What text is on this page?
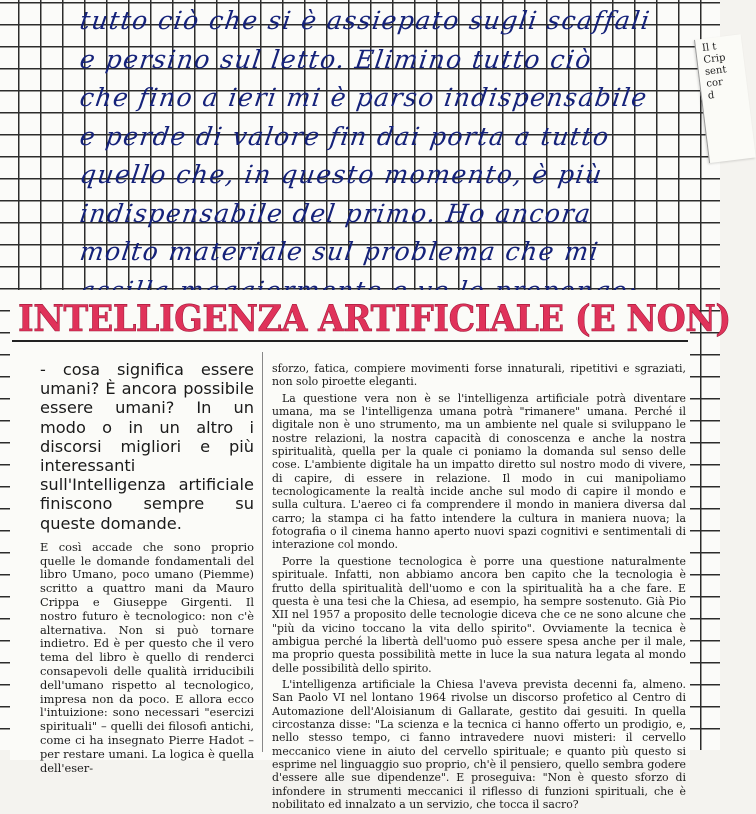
tutto ciò che si è assiepato sugli scaffali
e persino sul letto. Elimino tutto ciò
che fino a ieri mi è parso indispensabile
e perde di valore fin dai porta a tutto
quello che, in questo momento, è più
indispensabile del primo. Ho ancora
molto materiale sul problema che mi
Il t
Crip
sent
cor
d
INTELLIGENZA ARTIFICIALE (E NON)

- cosa significa essere umani? È ancora possibile essere umani? In un modo o in un altro i discorsi migliori e più interessanti sull'Intelligenza artificiale finiscono sempre su queste domande.

E così accade che sono proprio quelle le domande fondamentali del libro Umano, poco umano (Piemme) scritto a quattro mani da Mauro Crippa e Giuseppe Girgenti. Il nostro futuro è tecnologico: non c'è alternativa. Non si può tornare indietro. Ed è per questo che il vero tema del libro è quello di renderci consapevoli delle qualità irriducibili dell'umano rispetto al tecnologico, impresa non da poco. E allora ecco l'intuizione: sono necessari "esercizi spirituali" – quelli dei filosofi antichi, come ci ha insegnato Pierre Hadot – per restare umani. La logica è quella dell'eser-

sforzo, fatica, compiere movimenti forse innaturali, ripetitivi e sgraziati, non solo piroette eleganti.

La questione vera non è se l'intelligenza artificiale potrà diventare umana, ma se l'intelligenza umana potrà "rimanere" umana. Perché il digitale non è uno strumento, ma un ambiente nel quale si sviluppano le nostre relazioni, la nostra capacità di conoscenza e anche la nostra spiritualità, quella per la quale ci poniamo la domanda sul senso delle cose. L'ambiente digitale ha un impatto diretto sul nostro modo di vivere, di capire, di essere in relazione. Il modo in cui manipoliamo tecnologicamente la realtà incide anche sul modo di capire il mondo e sulla cultura. L'aereo ci fa comprendere il mondo in maniera diversa dal carro; la stampa ci ha fatto intendere la cultura in maniera nuova; la fotografia o il cinema hanno aperto nuovi spazi cognitivi e sentimentali di interazione col mondo.

Porre la questione tecnologica è porre una questione naturalmente spirituale. Infatti, non abbiamo ancora ben capito che la tecnologia è frutto della spiritualità dell'uomo e con la spiritualità ha a che fare. E questa è una tesi che la Chiesa, ad esempio, ha sempre sostenuto. Già Pio XII nel 1957 a proposito delle tecnologie diceva che ce ne sono alcune che "più da vicino toccano la vita dello spirito". Ovviamente la tecnica è ambigua perché la libertà dell'uomo può essere spesa anche per il male, ma proprio questa possibilità mette in luce la sua natura legata al mondo delle possibilità dello spirito.

L'intelligenza artificiale la Chiesa l'aveva prevista decenni fa, almeno. San Paolo VI nel lontano 1964 rivolse un discorso profetico al Centro di Automazione dell'Aloisianum di Gallarate, gestito dai gesuiti. In quella circostanza disse: "La scienza e la tecnica ci hanno offerto un prodigio, e, nello stesso tempo, ci fanno intravedere nuovi misteri: il cervello meccanico viene in aiuto del cervello spirituale; e quanto più questo si esprime nel linguaggio suo proprio, ch'è il pensiero, quello sembra godere d'essere alle sue dipendenze". E proseguiva: "Non è questo sforzo di infondere in strumenti meccanici il riflesso di funzioni spirituali, che è nobilitato ed innalzato a un servizio, che tocca il sacro?
